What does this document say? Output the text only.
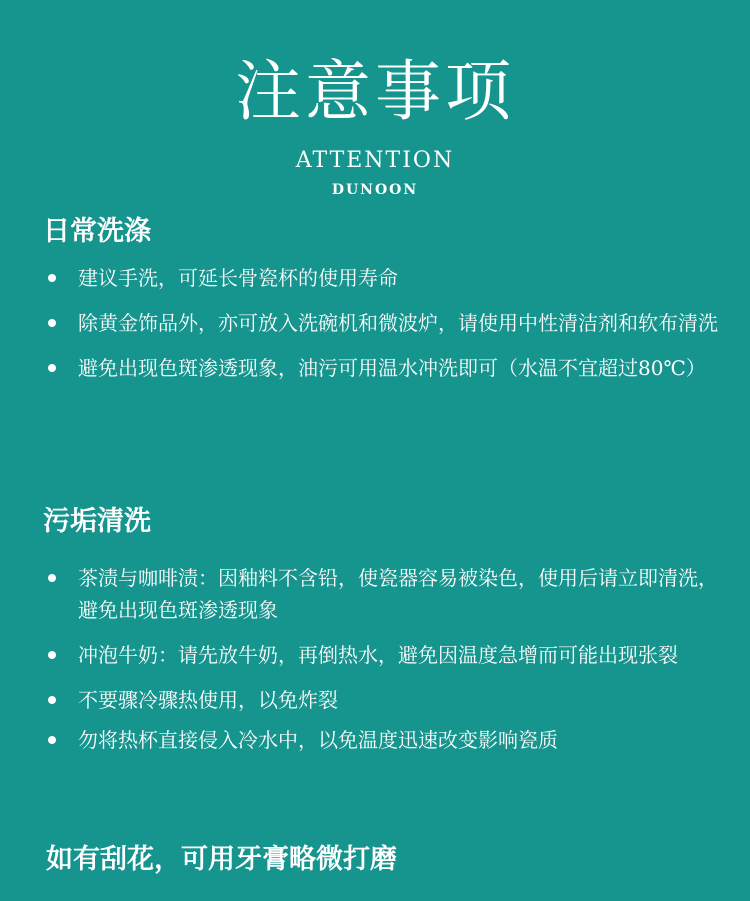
注意事项
ATTENTION
DUNOON
日常洗涤
建议手洗，可延长骨瓷杯的使用寿命
除黄金饰品外，亦可放入洗碗机和微波炉，请使用中性清洁剂和软布清洗
避免出现色斑渗透现象，油污可用温水冲洗即可（水温不宜超过80℃）
污垢清洗
茶渍与咖啡渍：因釉料不含铅，使瓷器容易被染色，使用后请立即清洗，避免出现色斑渗透现象
冲泡牛奶：请先放牛奶，再倒热水，避免因温度急增而可能出现张裂
不要骤冷骤热使用，以免炸裂
勿将热杯直接侵入冷水中，以免温度迅速改变影响瓷质
如有刮花，可用牙膏略微打磨
